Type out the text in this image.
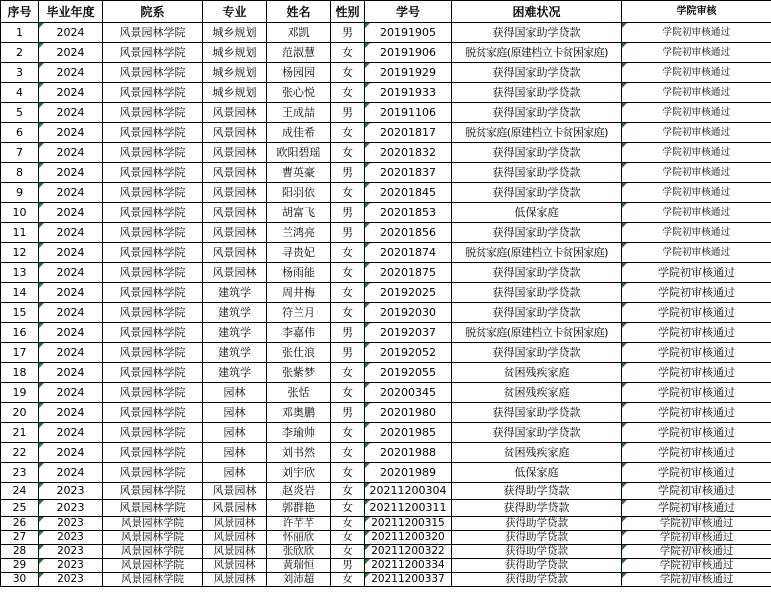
序号	毕业年度	院系	专业	姓名	性别	学号	困难状况	学院审核
1	2024	风景园林学院	城乡规划	邓凯	男	20191905	获得国家助学贷款	学院初审核通过
2	2024	风景园林学院	城乡规划	范淑慧	女	20191906	脱贫家庭(原建档立卡贫困家庭)	学院初审核通过
3	2024	风景园林学院	城乡规划	杨园园	女	20191929	获得国家助学贷款	学院初审核通过
4	2024	风景园林学院	城乡规划	张心悦	女	20191933	获得国家助学贷款	学院初审核通过
5	2024	风景园林学院	风景园林	王成喆	男	20191106	获得国家助学贷款	学院初审核通过
6	2024	风景园林学院	风景园林	成佳希	女	20201817	脱贫家庭(原建档立卡贫困家庭)	学院初审核通过
7	2024	风景园林学院	风景园林	欧阳碧瑶	女	20201832	获得国家助学贷款	学院初审核通过
8	2024	风景园林学院	风景园林	曹英豪	男	20201837	获得国家助学贷款	学院初审核通过
9	2024	风景园林学院	风景园林	阳羽依	女	20201845	获得国家助学贷款	学院初审核通过
10	2024	风景园林学院	风景园林	胡富飞	男	20201853	低保家庭	学院初审核通过
11	2024	风景园林学院	风景园林	兰鸿亮	男	20201856	获得国家助学贷款	学院初审核通过
12	2024	风景园林学院	风景园林	寻贵妃	女	20201874	脱贫家庭(原建档立卡贫困家庭)	学院初审核通过
13	2024	风景园林学院	风景园林	杨雨能	女	20201875	获得国家助学贷款	学院初审核通过
14	2024	风景园林学院	建筑学	周井梅	女	20192025	获得国家助学贷款	学院初审核通过
15	2024	风景园林学院	建筑学	符兰月	女	20192030	获得国家助学贷款	学院初审核通过
16	2024	风景园林学院	建筑学	李嘉伟	男	20192037	脱贫家庭(原建档立卡贫困家庭)	学院初审核通过
17	2024	风景园林学院	建筑学	张仕浪	男	20192052	获得国家助学贷款	学院初审核通过
18	2024	风景园林学院	建筑学	张紫梦	女	20192055	贫困残疾家庭	学院初审核通过
19	2024	风景园林学院	园林	张恬	女	20200345	贫困残疾家庭	学院初审核通过
20	2024	风景园林学院	园林	邓奥鹏	男	20201980	获得国家助学贷款	学院初审核通过
21	2024	风景园林学院	园林	李瑜帅	女	20201985	获得国家助学贷款	学院初审核通过
22	2024	风景园林学院	园林	刘书然	女	20201988	贫困残疾家庭	学院初审核通过
23	2024	风景园林学院	园林	刘宇欣	女	20201989	低保家庭	学院初审核通过
24	2023	风景园林学院	风景园林	赵炎岩	女	20211200304	获得助学贷款	学院初审核通过
25	2023	风景园林学院	风景园林	郭群艳	女	20211200311	获得助学贷款	学院初审核通过
26	2023	风景园林学院	风景园林	许芊芊	女	20211200315	获得助学贷款	学院初审核通过
27	2023	风景园林学院	风景园林	怀丽欣	女	20211200320	获得助学贷款	学院初审核通过
28	2023	风景园林学院	风景园林	张欣欣	女	20211200322	获得助学贷款	学院初审核通过
29	2023	风景园林学院	风景园林	黄瑞恒	男	20211200334	获得助学贷款	学院初审核通过
30	2023	风景园林学院	风景园林	刘沛超	女	20211200337	获得助学贷款	学院初审核通过
